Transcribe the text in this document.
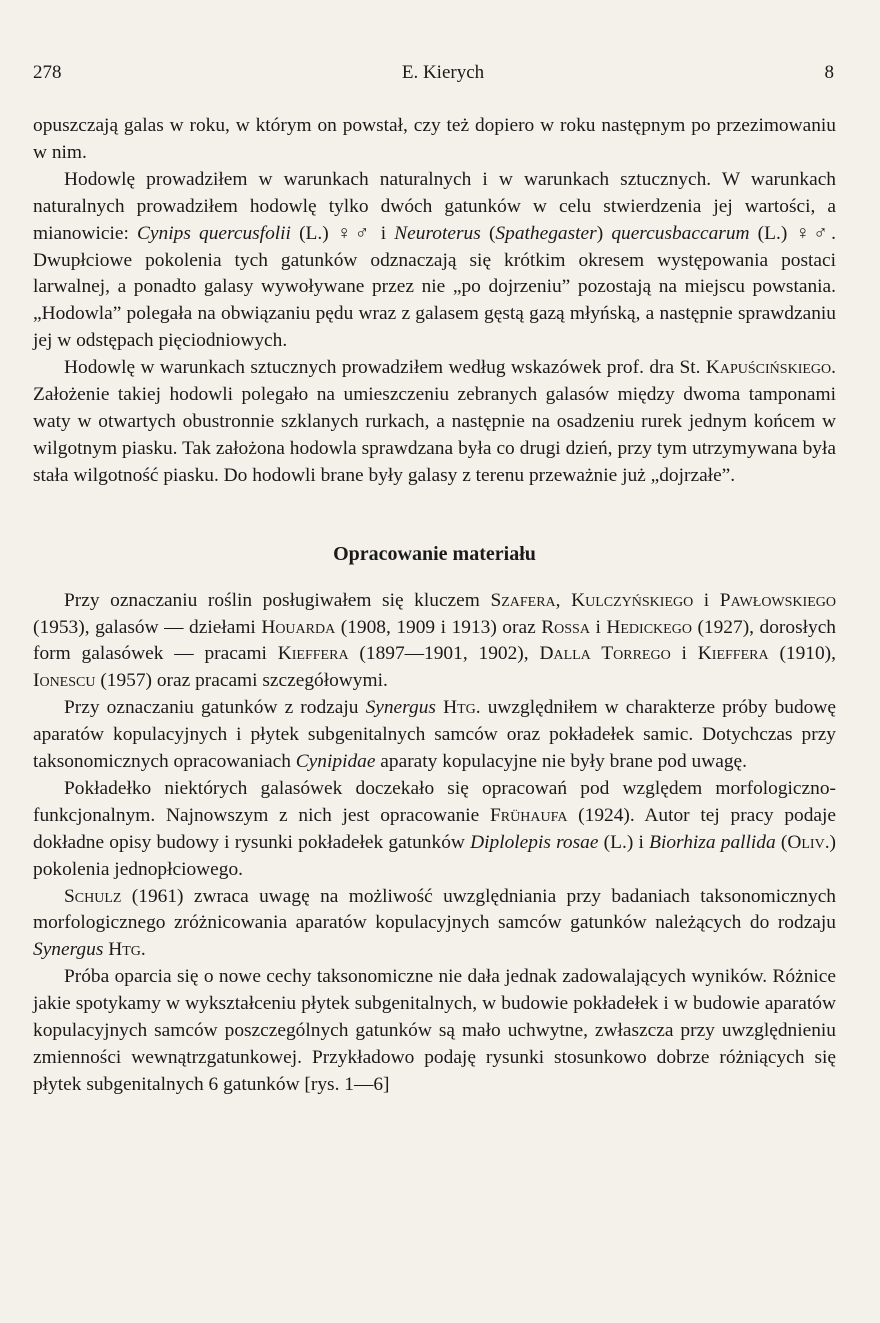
278	E. Kierych	8

opuszczają galas w roku, w którym on powstał, czy też dopiero w roku następnym po przezimowaniu w nim.

Hodowlę prowadziłem w warunkach naturalnych i w warunkach sztucznych. W warunkach naturalnych prowadziłem hodowlę tylko dwóch gatunków w celu stwierdzenia jej wartości, a mianowicie: Cynips quercusfolii (L.) ♀♂ i Neuroterus (Spathegaster) quercusbaccarum (L.) ♀♂. Dwupłciowe pokolenia tych gatunków odznaczają się krótkim okresem występowania postaci larwalnej, a ponadto galasy wywoływane przez nie „po dojrzeniu” pozostają na miejscu powstania. „Hodowla” polegała na obwiązaniu pędu wraz z galasem gęstą gazą młyńską, a następnie sprawdzaniu jej w odstępach pięciodniowych.

Hodowlę w warunkach sztucznych prowadziłem według wskazówek prof. dra St. Kapuścińskiego. Założenie takiej hodowli polegało na umieszczeniu zebranych galasów między dwoma tamponami waty w otwartych obustronnie szklanych rurkach, a następnie na osadzeniu rurek jednym końcem w wilgotnym piasku. Tak założona hodowla sprawdzana była co drugi dzień, przy tym utrzymywana była stała wilgotność piasku. Do hodowli brane były galasy z terenu przeważnie już „dojrzałe”.

Opracowanie materiału

Przy oznaczaniu roślin posługiwałem się kluczem Szafera, Kulczyńskiego i Pawłowskiego (1953), galasów — dziełami Houarda (1908, 1909 i 1913) oraz Rossa i Hedickego (1927), dorosłych form galasówek — pracami Kieffera (1897—1901, 1902), Dalla Torrego i Kieffera (1910), Ionescu (1957) oraz pracami szczegółowymi.

Przy oznaczaniu gatunków z rodzaju Synergus Htg. uwzględniłem w charakterze próby budowę aparatów kopulacyjnych i płytek subgenitalnych samców oraz pokładełek samic. Dotychczas przy taksonomicznych opracowaniach Cynipidae aparaty kopulacyjne nie były brane pod uwagę.

Pokładełko niektórych galasówek doczekało się opracowań pod względem morfologiczno-funkcjonalnym. Najnowszym z nich jest opracowanie Frühaufa (1924). Autor tej pracy podaje dokładne opisy budowy i rysunki pokładełek gatunków Diplolepis rosae (L.) i Biorhiza pallida (Oliv.) pokolenia jednopłciowego.

Schulz (1961) zwraca uwagę na możliwość uwzględniania przy badaniach taksonomicznych morfologicznego zróżnicowania aparatów kopulacyjnych samców gatunków należących do rodzaju Synergus Htg.

Próba oparcia się o nowe cechy taksonomiczne nie dała jednak zadowalających wyników. Różnice jakie spotykamy w wykształceniu płytek subgenitalnych, w budowie pokładełek i w budowie aparatów kopulacyjnych samców poszczególnych gatunków są mało uchwytne, zwłaszcza przy uwzględnieniu zmienności wewnątrzgatunkowej. Przykładowo podaję rysunki stosunkowo dobrze różniących się płytek subgenitalnych 6 gatunków [rys. 1—6]
